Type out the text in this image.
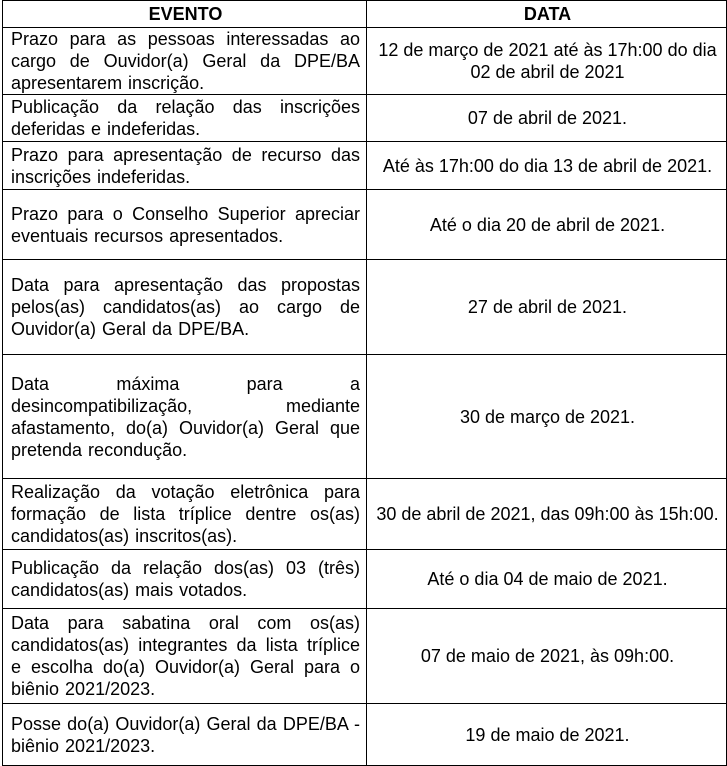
EVENTO	DATA
Prazo para as pessoas interessadas ao cargo de Ouvidor(a) Geral da DPE/BA apresentarem inscrição.	12 de março de 2021 até às 17h:00 do dia 02 de abril de 2021
Publicação da relação das inscrições deferidas e indeferidas.	07 de abril de 2021.
Prazo para apresentação de recurso das inscrições indeferidas.	Até às 17h:00 do dia 13 de abril de 2021.
Prazo para o Conselho Superior apreciar eventuais recursos apresentados.	Até o dia 20 de abril de 2021.
Data para apresentação das propostas pelos(as) candidatos(as) ao cargo de Ouvidor(a) Geral da DPE/BA.	27 de abril de 2021.
Data máxima para a desincompatibilização, mediante afastamento, do(a) Ouvidor(a) Geral que pretenda recondução.	30 de março de 2021.
Realização da votação eletrônica para formação de lista tríplice dentre os(as) candidatos(as) inscritos(as).	30 de abril de 2021, das 09h:00 às 15h:00.
Publicação da relação dos(as) 03 (três) candidatos(as) mais votados.	Até o dia 04 de maio de 2021.
Data para sabatina oral com os(as) candidatos(as) integrantes da lista tríplice e escolha do(a) Ouvidor(a) Geral para o biênio 2021/2023.	07 de maio de 2021, às 09h:00.
Posse do(a) Ouvidor(a) Geral da DPE/BA - biênio 2021/2023.	19 de maio de 2021.
